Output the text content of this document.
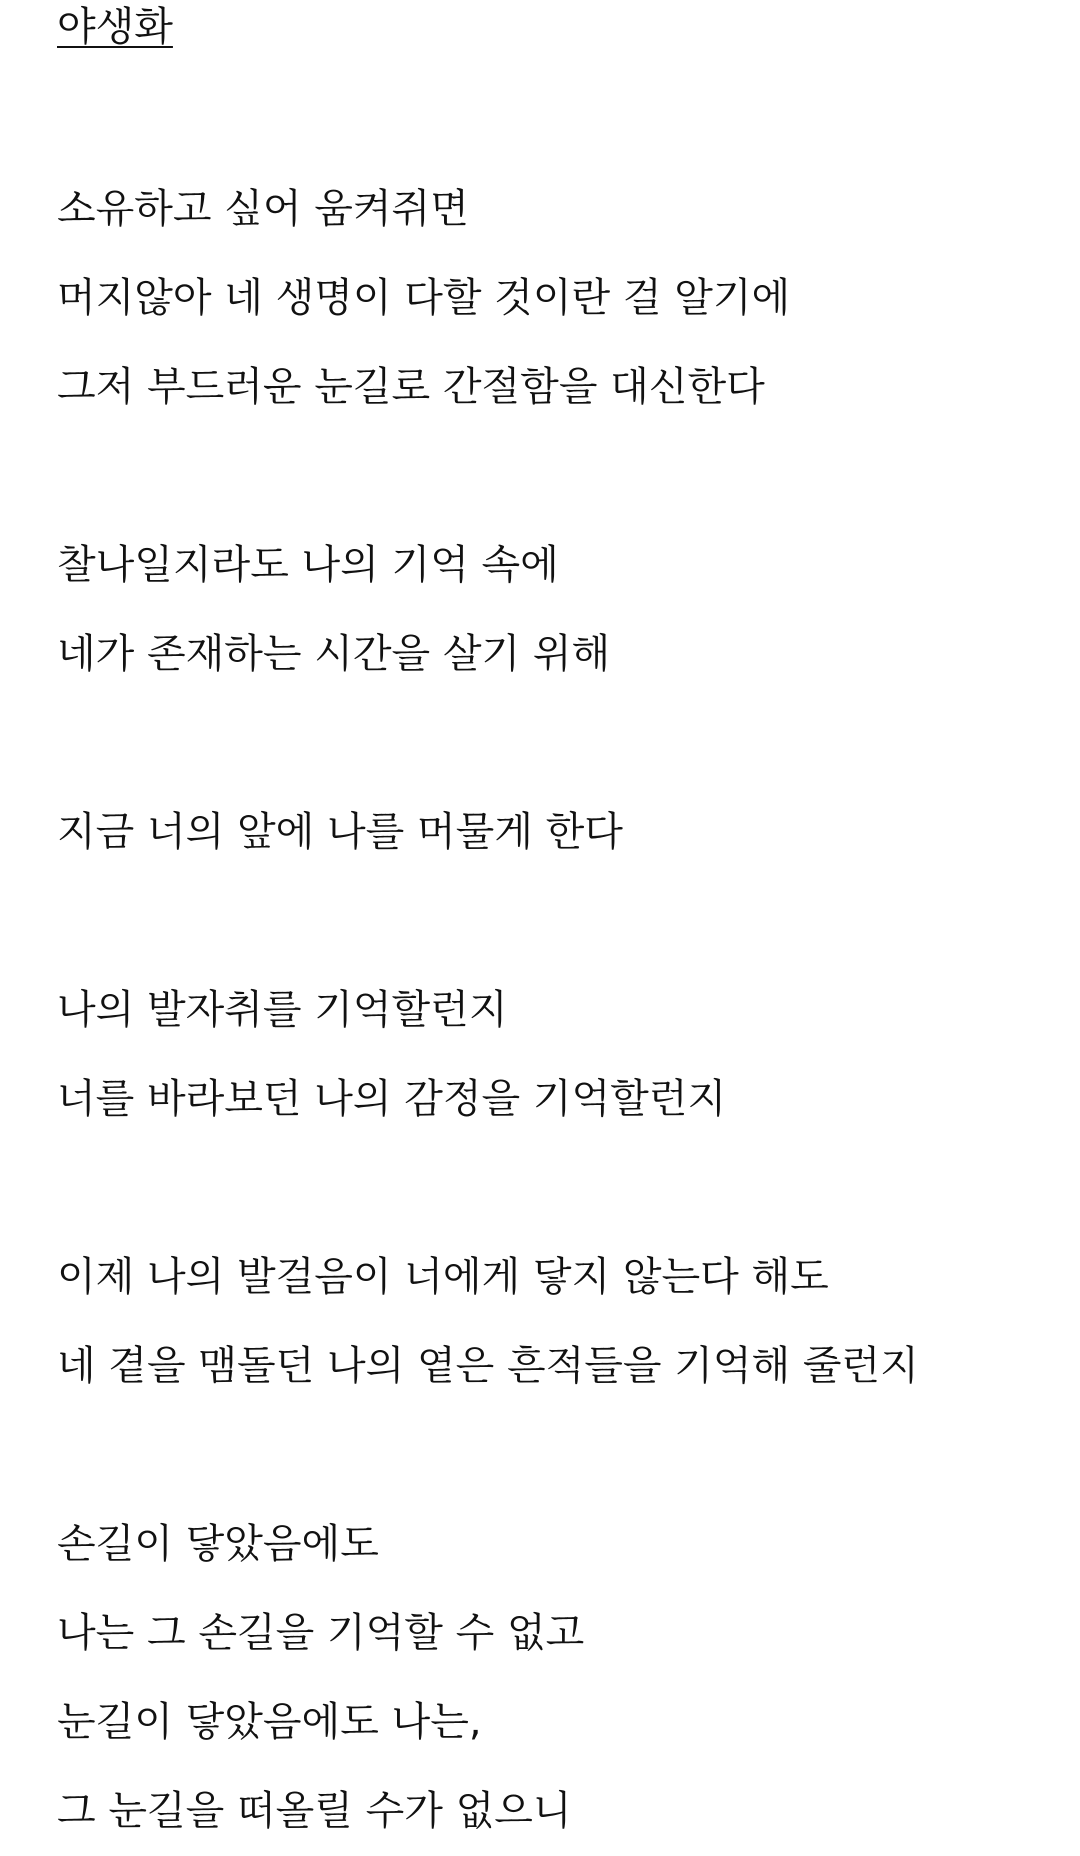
야생화

소유하고 싶어 움켜쥐면

머지않아 네 생명이 다할 것이란 걸 알기에

그저 부드러운 눈길로 간절함을 대신한다

찰나일지라도 나의 기억 속에

네가 존재하는 시간을 살기 위해

지금 너의 앞에 나를 머물게 한다

나의 발자취를 기억할런지

너를 바라보던 나의 감정을 기억할런지

이제 나의 발걸음이 너에게 닿지 않는다 해도

네 곁을 맴돌던 나의 옅은 흔적들을 기억해 줄런지

손길이 닿았음에도

나는 그 손길을 기억할 수 없고

눈길이 닿았음에도 나는,

그 눈길을 떠올릴 수가 없으니
